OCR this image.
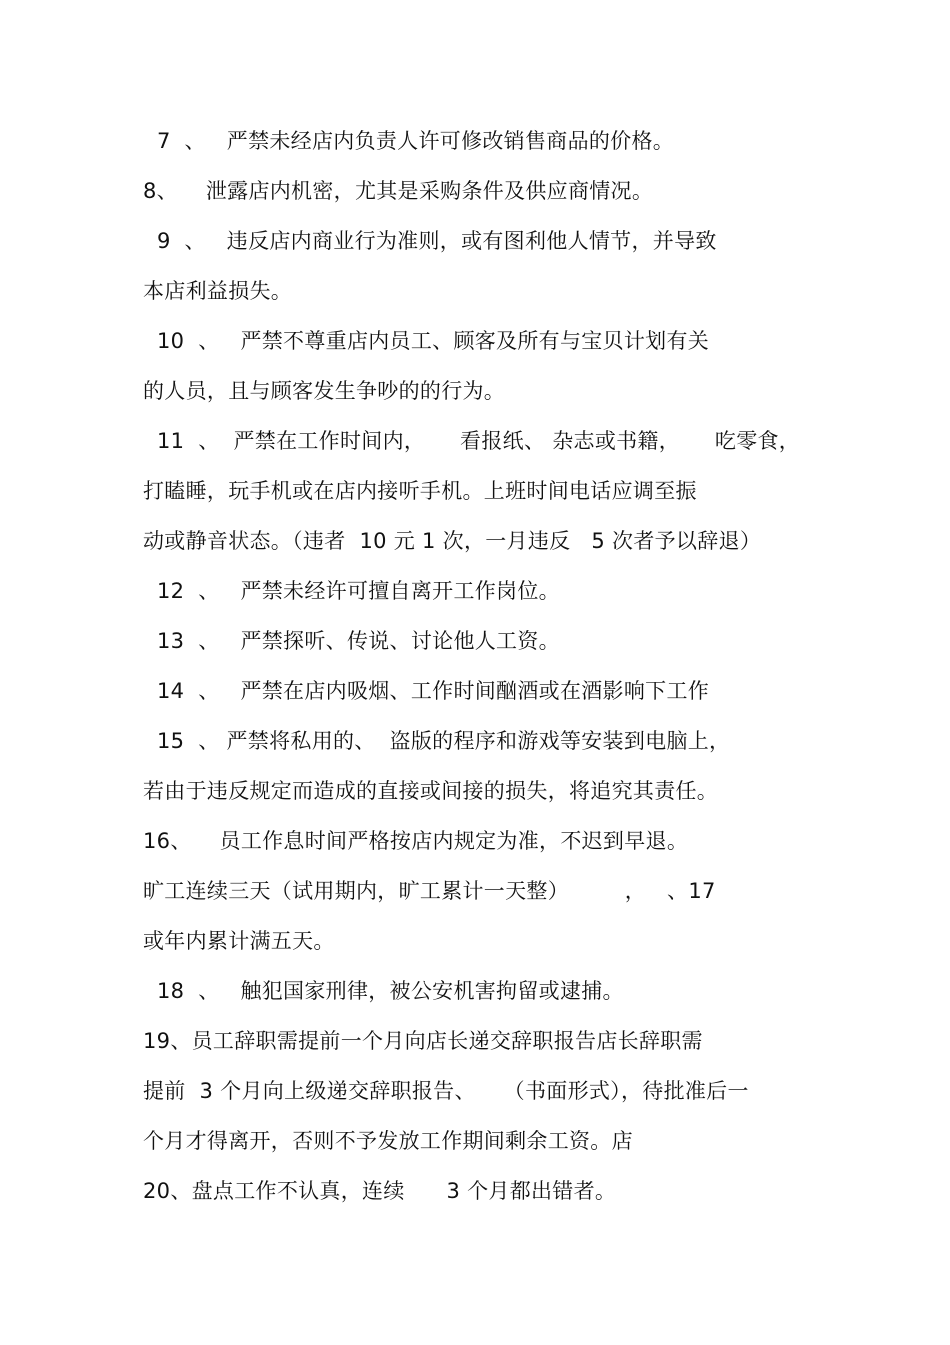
7  、   严禁未经店内负责人许可修改销售商品的价格。
8、    泄露店内机密，尤其是采购条件及供应商情况。
9  、   违反店内商业行为准则，或有图利他人情节，并导致
本店利益损失。
10  、   严禁不尊重店内员工、顾客及所有与宝贝计划有关
的人员，且与顾客发生争吵的的行为。
11  、  严禁在工作时间内，     看报纸、 杂志或书籍，     吃零食，
打瞌睡，玩手机或在店内接听手机。上班时间电话应调至振
动或静音状态。（违者  10 元 1 次，一月违反   5 次者予以辞退）
12  、   严禁未经许可擅自离开工作岗位。
13  、   严禁探听、传说、讨论他人工资。
14  、   严禁在店内吸烟、工作时间酗酒或在酒影响下工作
15  、 严禁将私用的、  盗版的程序和游戏等安装到电脑上，
若由于违反规定而造成的直接或间接的损失，将追究其责任。
16、    员工作息时间严格按店内规定为准，不迟到早退。
旷工连续三天（试用期内，旷工累计一天整）        ，   、17
或年内累计满五天。
18  、   触犯国家刑律，被公安机害拘留或逮捕。
19、员工辞职需提前一个月向店长递交辞职报告店长辞职需
提前  3 个月向上级递交辞职报告、    （书面形式），待批准后一
个月才得离开，否则不予发放工作期间剩余工资。店
20、盘点工作不认真，连续      3 个月都出错者。
